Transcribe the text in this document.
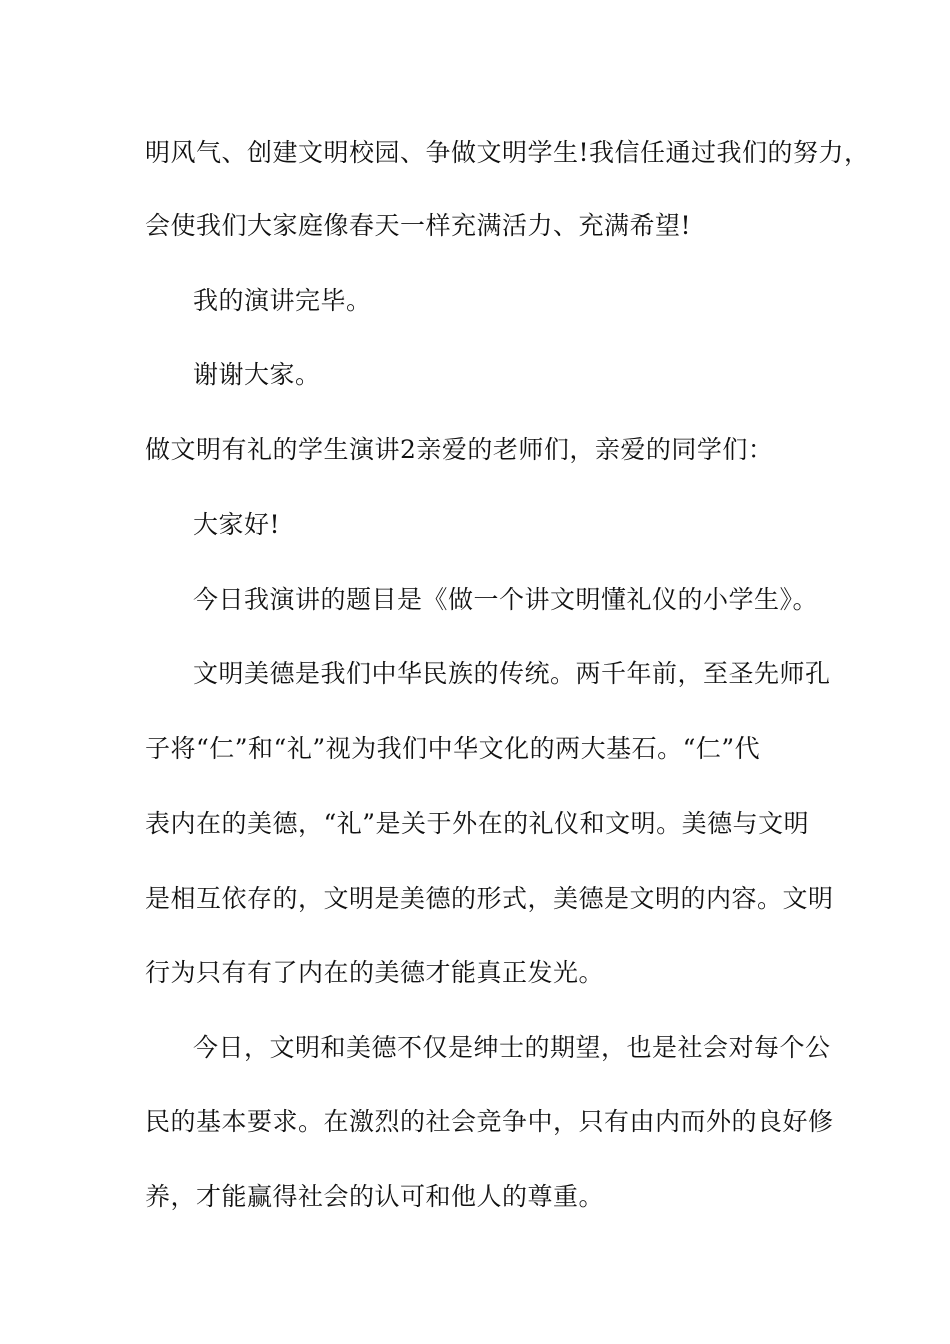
明风气、创建文明校园、争做文明学生!我信任通过我们的努力，
会使我们大家庭像春天一样充满活力、充满希望!
我的演讲完毕。
谢谢大家。
做文明有礼的学生演讲2亲爱的老师们，亲爱的同学们：
大家好!
今日我演讲的题目是《做一个讲文明懂礼仪的小学生》。
文明美德是我们中华民族的传统。两千年前，至圣先师孔
子将“仁”和“礼”视为我们中华文化的两大基石。“仁”代
表内在的美德，“礼”是关于外在的礼仪和文明。美德与文明
是相互依存的，文明是美德的形式，美德是文明的内容。文明
行为只有有了内在的美德才能真正发光。
今日，文明和美德不仅是绅士的期望，也是社会对每个公
民的基本要求。在激烈的社会竞争中，只有由内而外的良好修
养，才能赢得社会的认可和他人的尊重。
